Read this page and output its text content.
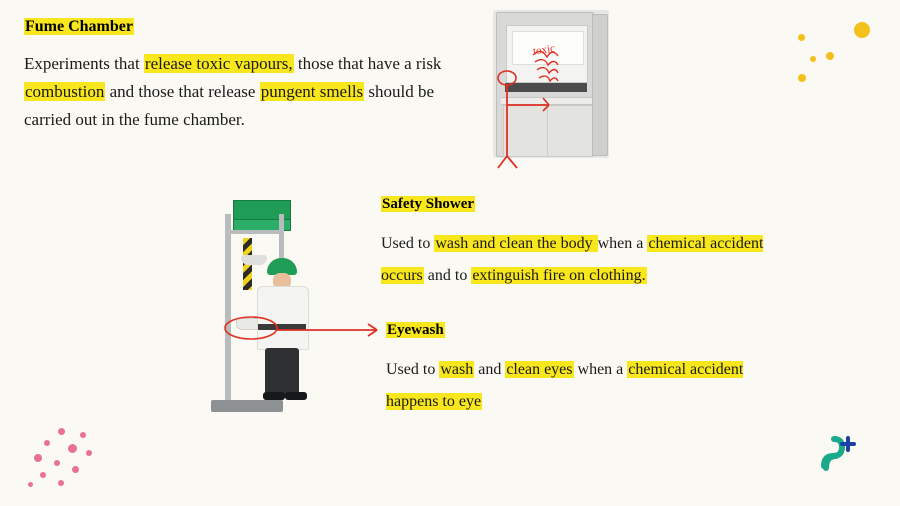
Fume Chamber
Experiments that release toxic vapours, those that have a risk combustion and those that release pungent smells should be carried out in the fume chamber.
toxic
Safety Shower
Used to wash and clean the body when a chemical accident occurs and to extinguish fire on clothing.
Eyewash
Used to wash and clean eyes when a chemical accident happens to eye
